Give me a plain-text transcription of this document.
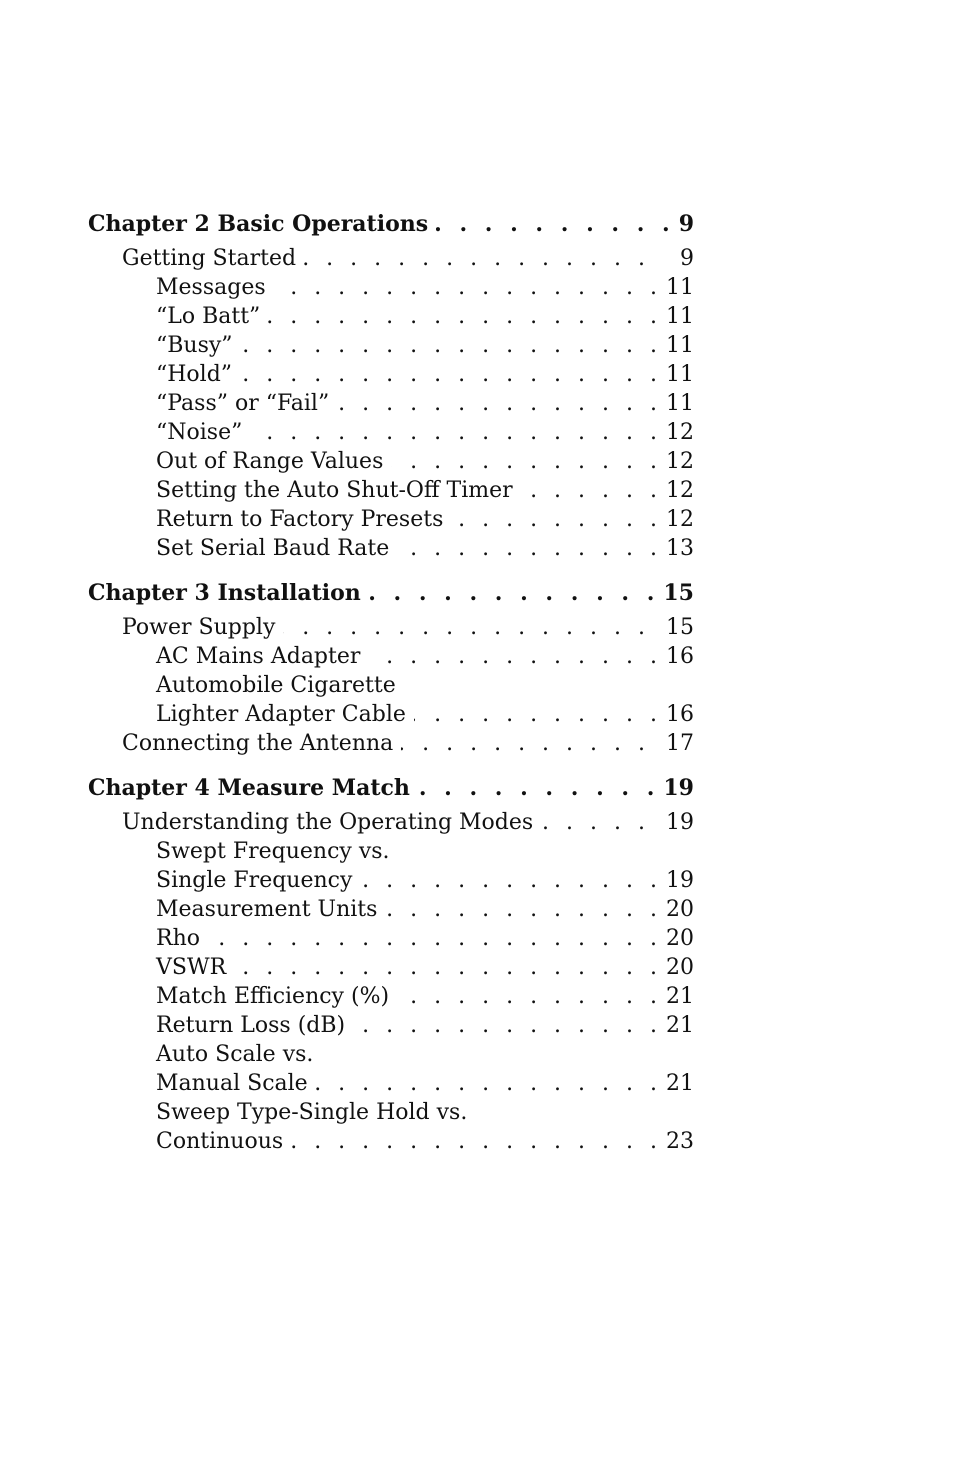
Chapter 2 Basic Operations . . .	9
Getting Started . . .	9
Messages . . .	11
“Lo Batt” . . .	11
“Busy” . . .	11
“Hold” . . .	11
“Pass” or “Fail” . . .	11
“Noise” . . .	12
Out of Range Values . . .	12
Setting the Auto Shut-Off Timer . . .	12
Return to Factory Presets . . .	12
Set Serial Baud Rate . . .	13
Chapter 3 Installation . . .	15
Power Supply . . .	15
AC Mains Adapter . . .	16
Automobile Cigarette
Lighter Adapter Cable . . .	16
Connecting the Antenna . . .	17
Chapter 4 Measure Match . . .	19
Understanding the Operating Modes . . .	19
Swept Frequency vs.
Single Frequency . . .	19
Measurement Units . . .	20
Rho . . .	20
VSWR . . .	20
Match Efficiency (%) . . .	21
Return Loss (dB) . . .	21
Auto Scale vs.
Manual Scale . . .	21
Sweep Type-Single Hold vs.
Continuous . . .	23
